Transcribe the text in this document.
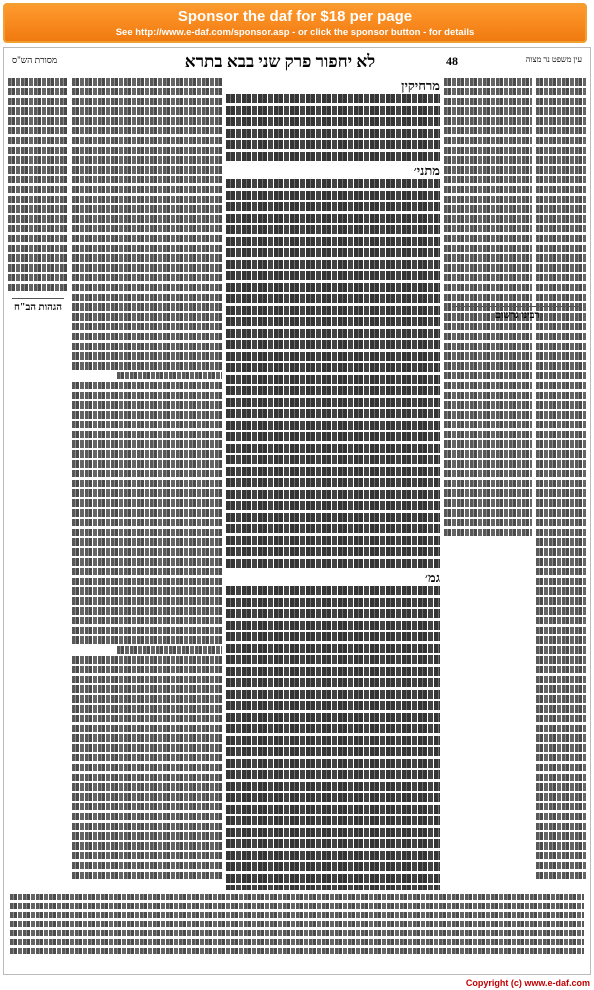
Sponsor the daf for $18 per page
See http://www.e-daf.com/sponsor.asp - or click the sponsor button - for details
מסורת הש"ס	לא יחפור פרק שני בבא בתרא	48	עין משפט נר מצוה
הגהות הב"ח
מרחיקין
מתני׳
גמ׳
רבינו גרשום
Copyright (c) www.e-daf.com
